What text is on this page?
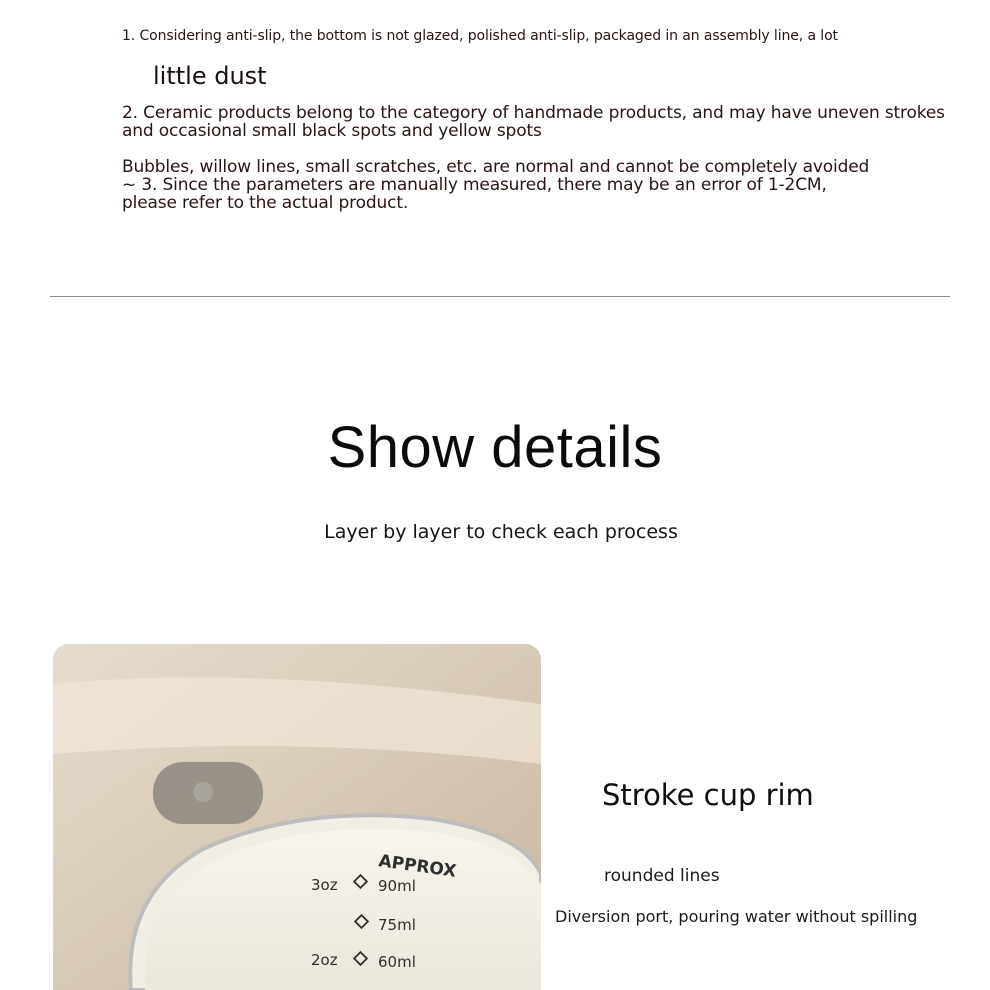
1. Considering anti-slip, the bottom is not glazed, polished anti-slip, packaged in an assembly line, a lot
little dust
2. Ceramic products belong to the category of handmade products, and may have uneven strokes and occasional small black spots and yellow spots
Bubbles, willow lines, small scratches, etc. are normal and cannot be completely avoided ~ 3. Since the parameters are manually measured, there may be an error of 1-2CM, please refer to the actual product.
Show details
Layer by layer to check each process
APPROX
3oz	90ml
75ml
2oz	60ml
Stroke cup rim
rounded lines
Diversion port, pouring water without spilling
